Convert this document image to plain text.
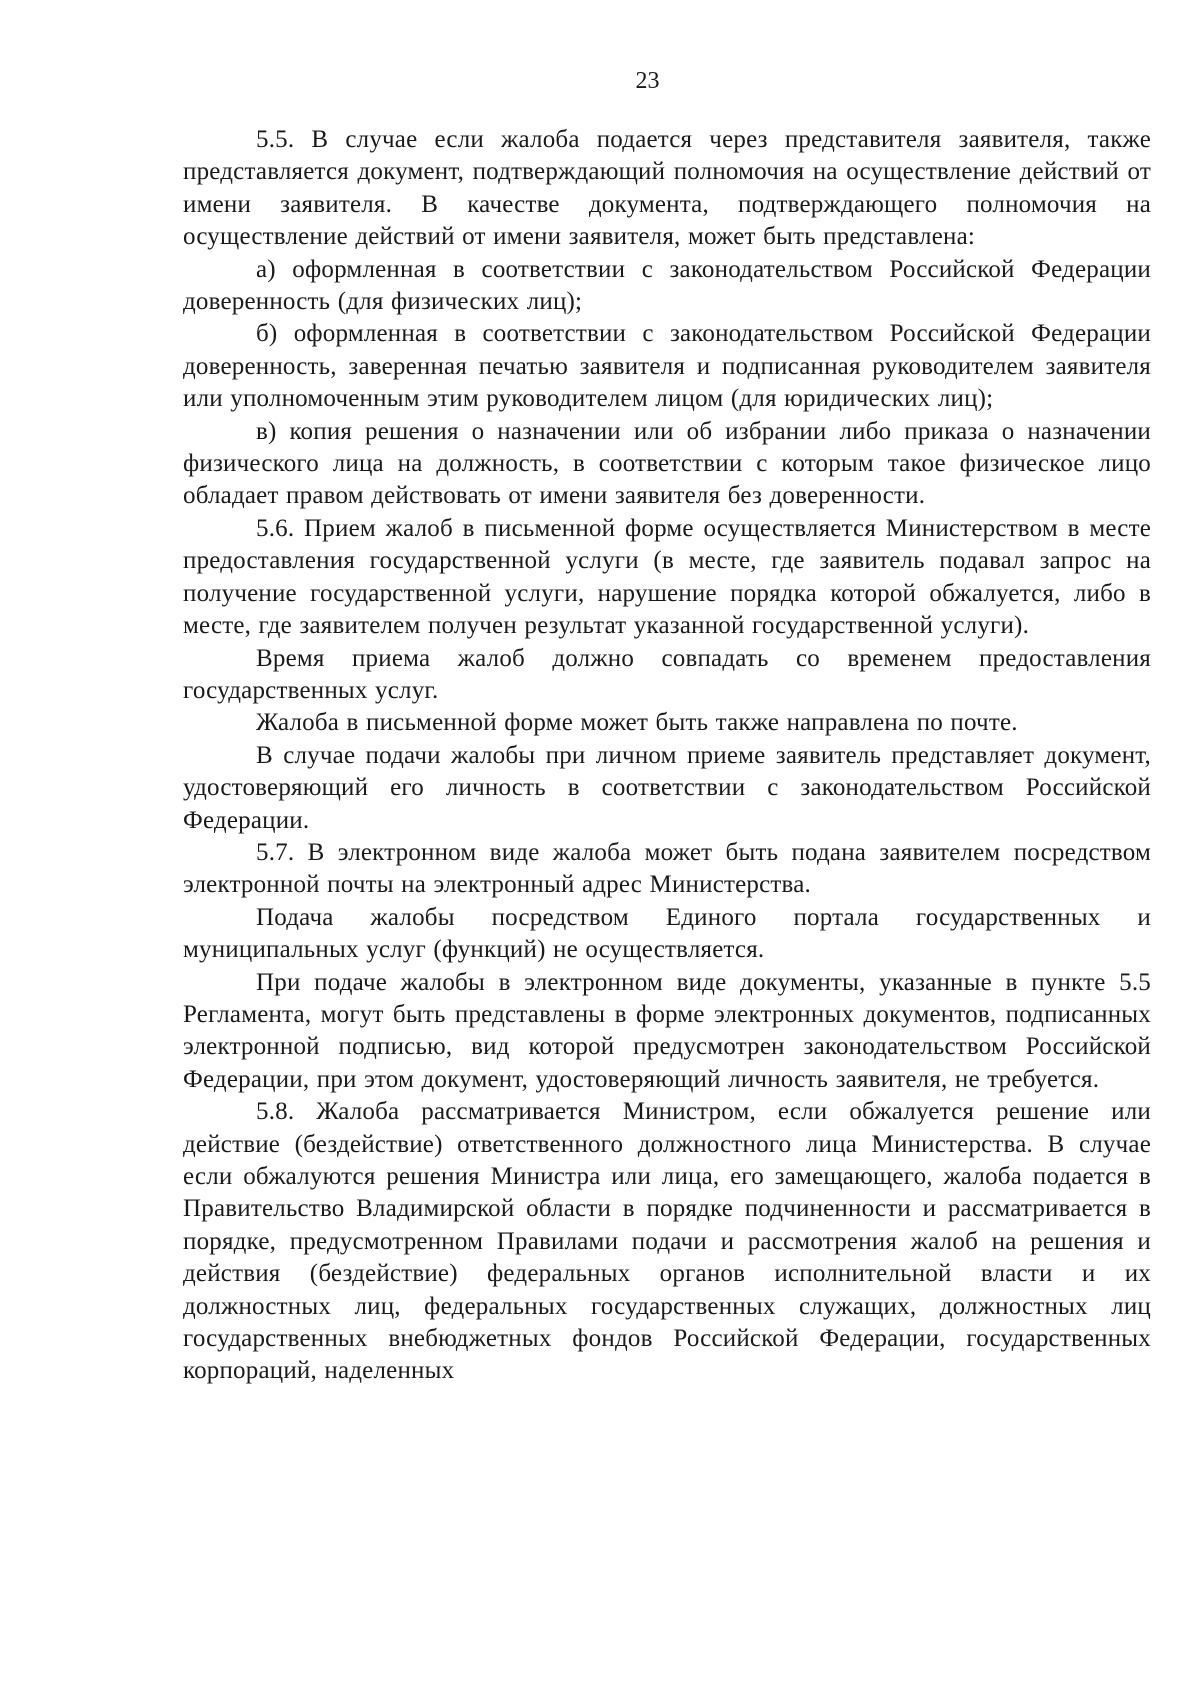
23

5.5. В случае если жалоба подается через представителя заявителя, также представляется документ, подтверждающий полномочия на осуществление действий от имени заявителя. В качестве документа, подтверждающего полномочия на осуществление действий от имени заявителя, может быть представлена:

а) оформленная в соответствии с законодательством Российской Федерации доверенность (для физических лиц);

б) оформленная в соответствии с законодательством Российской Федерации доверенность, заверенная печатью заявителя и подписанная руководителем заявителя или уполномоченным этим руководителем лицом (для юридических лиц);

в) копия решения о назначении или об избрании либо приказа о назначении физического лица на должность, в соответствии с которым такое физическое лицо обладает правом действовать от имени заявителя без доверенности.

5.6. Прием жалоб в письменной форме осуществляется Министерством в месте предоставления государственной услуги (в месте, где заявитель подавал запрос на получение государственной услуги, нарушение порядка которой обжалуется, либо в месте, где заявителем получен результат указанной государственной услуги).

Время приема жалоб должно совпадать со временем предоставления государственных услуг.

Жалоба в письменной форме может быть также направлена по почте.

В случае подачи жалобы при личном приеме заявитель представляет документ, удостоверяющий его личность в соответствии с законодательством Российской Федерации.

5.7. В электронном виде жалоба может быть подана заявителем посредством электронной почты на электронный адрес Министерства.

Подача жалобы посредством Единого портала государственных и муниципальных услуг (функций) не осуществляется.

При подаче жалобы в электронном виде документы, указанные в пункте 5.5 Регламента, могут быть представлены в форме электронных документов, подписанных электронной подписью, вид которой предусмотрен законодательством Российской Федерации, при этом документ, удостоверяющий личность заявителя, не требуется.

5.8. Жалоба рассматривается Министром, если обжалуется решение или действие (бездействие) ответственного должностного лица Министерства. В случае если обжалуются решения Министра или лица, его замещающего, жалоба подается в Правительство Владимирской области в порядке подчиненности и рассматривается в порядке, предусмотренном Правилами подачи и рассмотрения жалоб на решения и действия (бездействие) федеральных органов исполнительной власти и их должностных лиц, федеральных государственных служащих, должностных лиц государственных внебюджетных фондов Российской Федерации, государственных корпораций, наделенных
